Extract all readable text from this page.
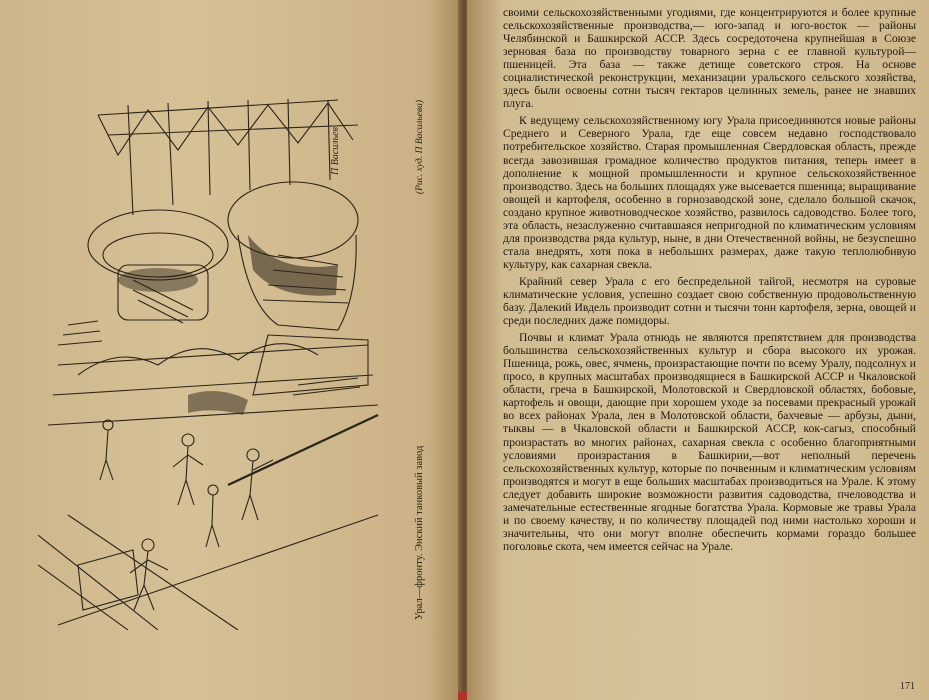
П Васильев
Урал—фронту. Энский танковый завод
(Рис. худ. П Васильева)

своими сельскохозяйственными угодиями, где концентрируются и более крупные сельскохозяйственные производства,— юго-запад и юго-восток — районы Челябинской и Башкирской АССР. Здесь сосредоточена крупнейшая в Союзе зерновая база по производству товарного зерна с ее главной культурой—пшеницей. Эта база — также детище советского строя. На основе социалистической реконструкции, механизации уральского сельского хозяйства, здесь были освоены сотни тысяч гектаров целинных земель, ранее не знавших плуга.

К ведущему сельскохозяйственному югу Урала присоединяются новые районы Среднего и Северного Урала, где еще совсем недавно господствовало потребительское хозяйство. Старая промышленная Свердловская область, прежде всегда завозившая громадное количество продуктов питания, теперь имеет в дополнение к мощной промышленности и крупное сельскохозяйственное производство. Здесь на больших площадях уже высевается пшеница; выращивание овощей и картофеля, особенно в горнозаводской зоне, сделало большой скачок, создано крупное животноводческое хозяйство, развилось садоводство. Более того, эта область, незаслуженно считавшаяся непригодной по климатическим условиям для производства ряда культур, ныне, в дни Отечественной войны, не безуспешно стала внедрять, хотя пока в небольших размерах, даже такую теплолюбивую культуру, как сахарная свекла.

Крайний север Урала с его беспредельной тайгой, несмотря на суровые климатические условия, успешно создает свою собственную продовольственную базу. Далекий Ивдель производит сотни и тысячи тонн картофеля, зерна, овощей и среди последних даже помидоры.

Почвы и климат Урала отнюдь не являются препятствием для производства большинства сельскохозяйственных культур и сбора высокого их урожая. Пшеница, рожь, овес, ячмень, произрастающие почти по всему Уралу, подсолнух и просо, в крупных масштабах производящиеся в Башкирской АССР и Чкаловской области, греча в Башкирской, Молотовской и Свердловской областях, бобовые, картофель и овощи, дающие при хорошем уходе за посевами прекрасный урожай во всех районах Урала, лен в Молотовской области, бахчевые — арбузы, дыни, тыквы — в Чкаловской области и Башкирской АССР, кок-сагыз, способный произрастать во многих районах, сахарная свекла с особенно благоприятными условиями произрастания в Башкирии,—вот неполный перечень сельскохозяйственных культур, которые по почвенным и климатическим условиям производятся и могут в еще больших масштабах производиться на Урале. К этому следует добавить широкие возможности развития садоводства, пчеловодства и замечательные естественные ягодные богатства Урала. Кормовые же травы Урала и по своему качеству, и по количеству площадей под ними настолько хороши и значительны, что они могут вполне обеспечить кормами гораздо большее поголовье скота, чем имеется сейчас на Урале.

171
